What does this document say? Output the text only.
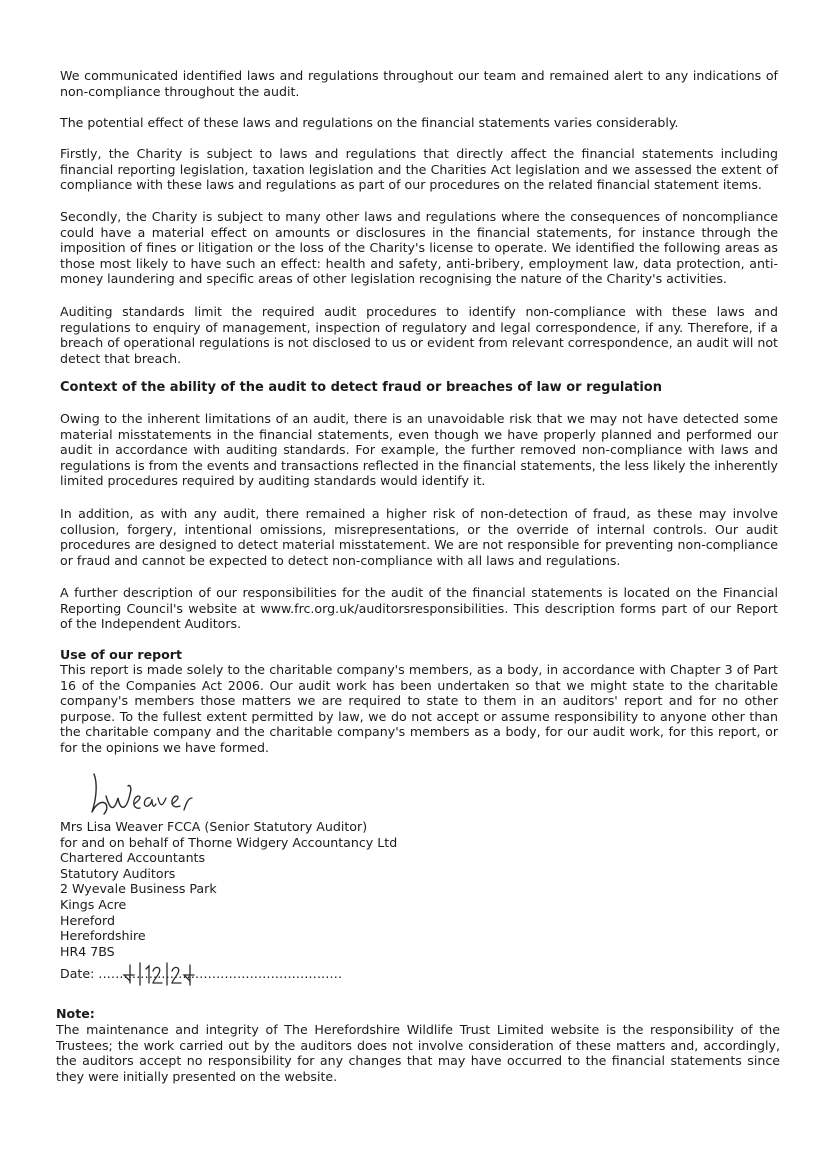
We communicated identified laws and regulations throughout our team and remained alert to any indications of non-compliance throughout the audit.

The potential effect of these laws and regulations on the financial statements varies considerably.

Firstly, the Charity is subject to laws and regulations that directly affect the financial statements including financial reporting legislation, taxation legislation and the Charities Act legislation and we assessed the extent of compliance with these laws and regulations as part of our procedures on the related financial statement items.

Secondly, the Charity is subject to many other laws and regulations where the consequences of noncompliance could have a material effect on amounts or disclosures in the financial statements, for instance through the imposition of fines or litigation or the loss of the Charity's license to operate. We identified the following areas as those most likely to have such an effect: health and safety, anti-bribery, employment law, data protection, anti-money laundering and specific areas of other legislation recognising the nature of the Charity's activities.

Auditing standards limit the required audit procedures to identify non-compliance with these laws and regulations to enquiry of management, inspection of regulatory and legal correspondence, if any. Therefore, if a breach of operational regulations is not disclosed to us or evident from relevant correspondence, an audit will not detect that breach.

Context of the ability of the audit to detect fraud or breaches of law or regulation

Owing to the inherent limitations of an audit, there is an unavoidable risk that we may not have detected some material misstatements in the financial statements, even though we have properly planned and performed our audit in accordance with auditing standards. For example, the further removed non-compliance with laws and regulations is from the events and transactions reflected in the financial statements, the less likely the inherently limited procedures required by auditing standards would identify it.

In addition, as with any audit, there remained a higher risk of non-detection of fraud, as these may involve collusion, forgery, intentional omissions, misrepresentations, or the override of internal controls. Our audit procedures are designed to detect material misstatement. We are not responsible for preventing non-compliance or fraud and cannot be expected to detect non-compliance with all laws and regulations.

A further description of our responsibilities for the audit of the financial statements is located on the Financial Reporting Council's website at www.frc.org.uk/auditorsresponsibilities. This description forms part of our Report of the Independent Auditors.

Use of our report

This report is made solely to the charitable company's members, as a body, in accordance with Chapter 3 of Part 16 of the Companies Act 2006. Our audit work has been undertaken so that we might state to the charitable company's members those matters we are required to state to them in an auditors' report and for no other purpose. To the fullest extent permitted by law, we do not accept or assume responsibility to anyone other than the charitable company and the charitable company's members as a body, for our audit work, for this report, or for the opinions we have formed.

Mrs Lisa Weaver FCCA (Senior Statutory Auditor)
for and on behalf of Thorne Widgery Accountancy Ltd
Chartered Accountants
Statutory Auditors
2 Wyevale Business Park
Kings Acre
Hereford
Herefordshire
HR4 7BS
Date: ..........................................................

Note:

The maintenance and integrity of The Herefordshire Wildlife Trust Limited website is the responsibility of the Trustees; the work carried out by the auditors does not involve consideration of these matters and, accordingly, the auditors accept no responsibility for any changes that may have occurred to the financial statements since they were initially presented on the website.
